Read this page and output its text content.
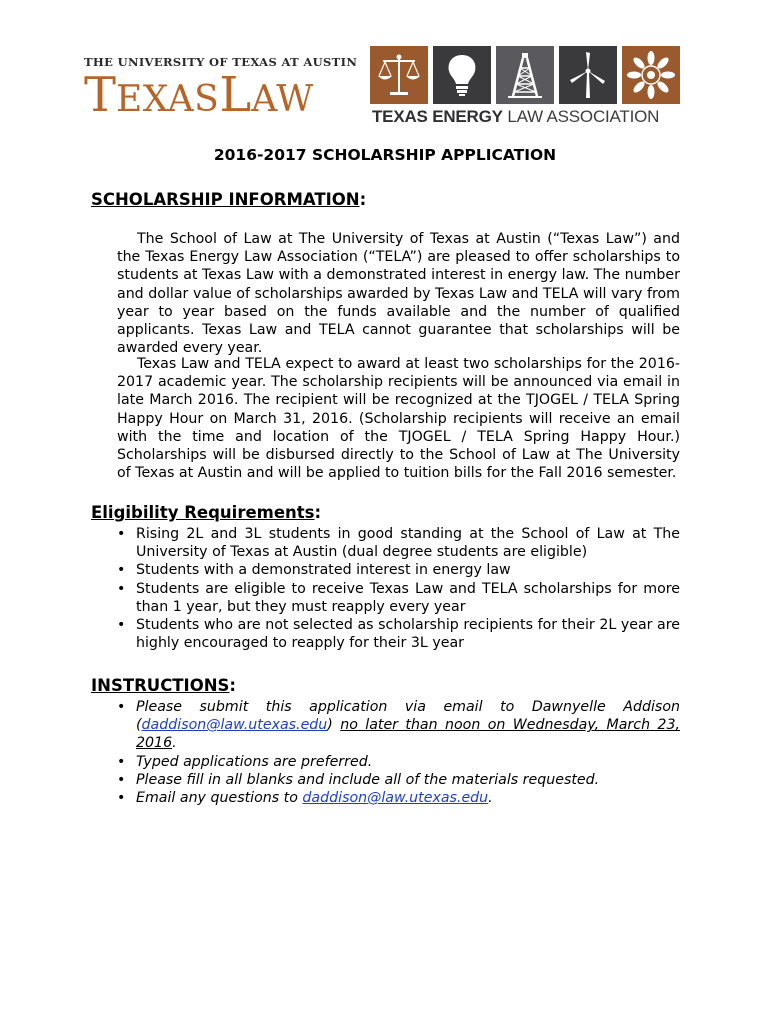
THE UNIVERSITY OF TEXAS AT AUSTIN
TEXASLAW	TEXAS ENERGY LAW ASSOCIATION
2016-2017 SCHOLARSHIP APPLICATION
SCHOLARSHIP INFORMATION:
The School of Law at The University of Texas at Austin (“Texas Law”) and the Texas Energy Law Association (“TELA”) are pleased to offer scholarships to students at Texas Law with a demonstrated interest in energy law. The number and dollar value of scholarships awarded by Texas Law and TELA will vary from year to year based on the funds available and the number of qualified applicants. Texas Law and TELA cannot guarantee that scholarships will be awarded every year.
Texas Law and TELA expect to award at least two scholarships for the 2016-2017 academic year. The scholarship recipients will be announced via email in late March 2016. The recipient will be recognized at the TJOGEL / TELA Spring Happy Hour on March 31, 2016. (Scholarship recipients will receive an email with the time and location of the TJOGEL / TELA Spring Happy Hour.) Scholarships will be disbursed directly to the School of Law at The University of Texas at Austin and will be applied to tuition bills for the Fall 2016 semester.
Eligibility Requirements:
• Rising 2L and 3L students in good standing at the School of Law at The University of Texas at Austin (dual degree students are eligible)
• Students with a demonstrated interest in energy law
• Students are eligible to receive Texas Law and TELA scholarships for more than 1 year, but they must reapply every year
• Students who are not selected as scholarship recipients for their 2L year are highly encouraged to reapply for their 3L year
INSTRUCTIONS:
• Please submit this application via email to Dawnyelle Addison (daddison@law.utexas.edu) no later than noon on Wednesday, March 23, 2016.
• Typed applications are preferred.
• Please fill in all blanks and include all of the materials requested.
• Email any questions to daddison@law.utexas.edu.
